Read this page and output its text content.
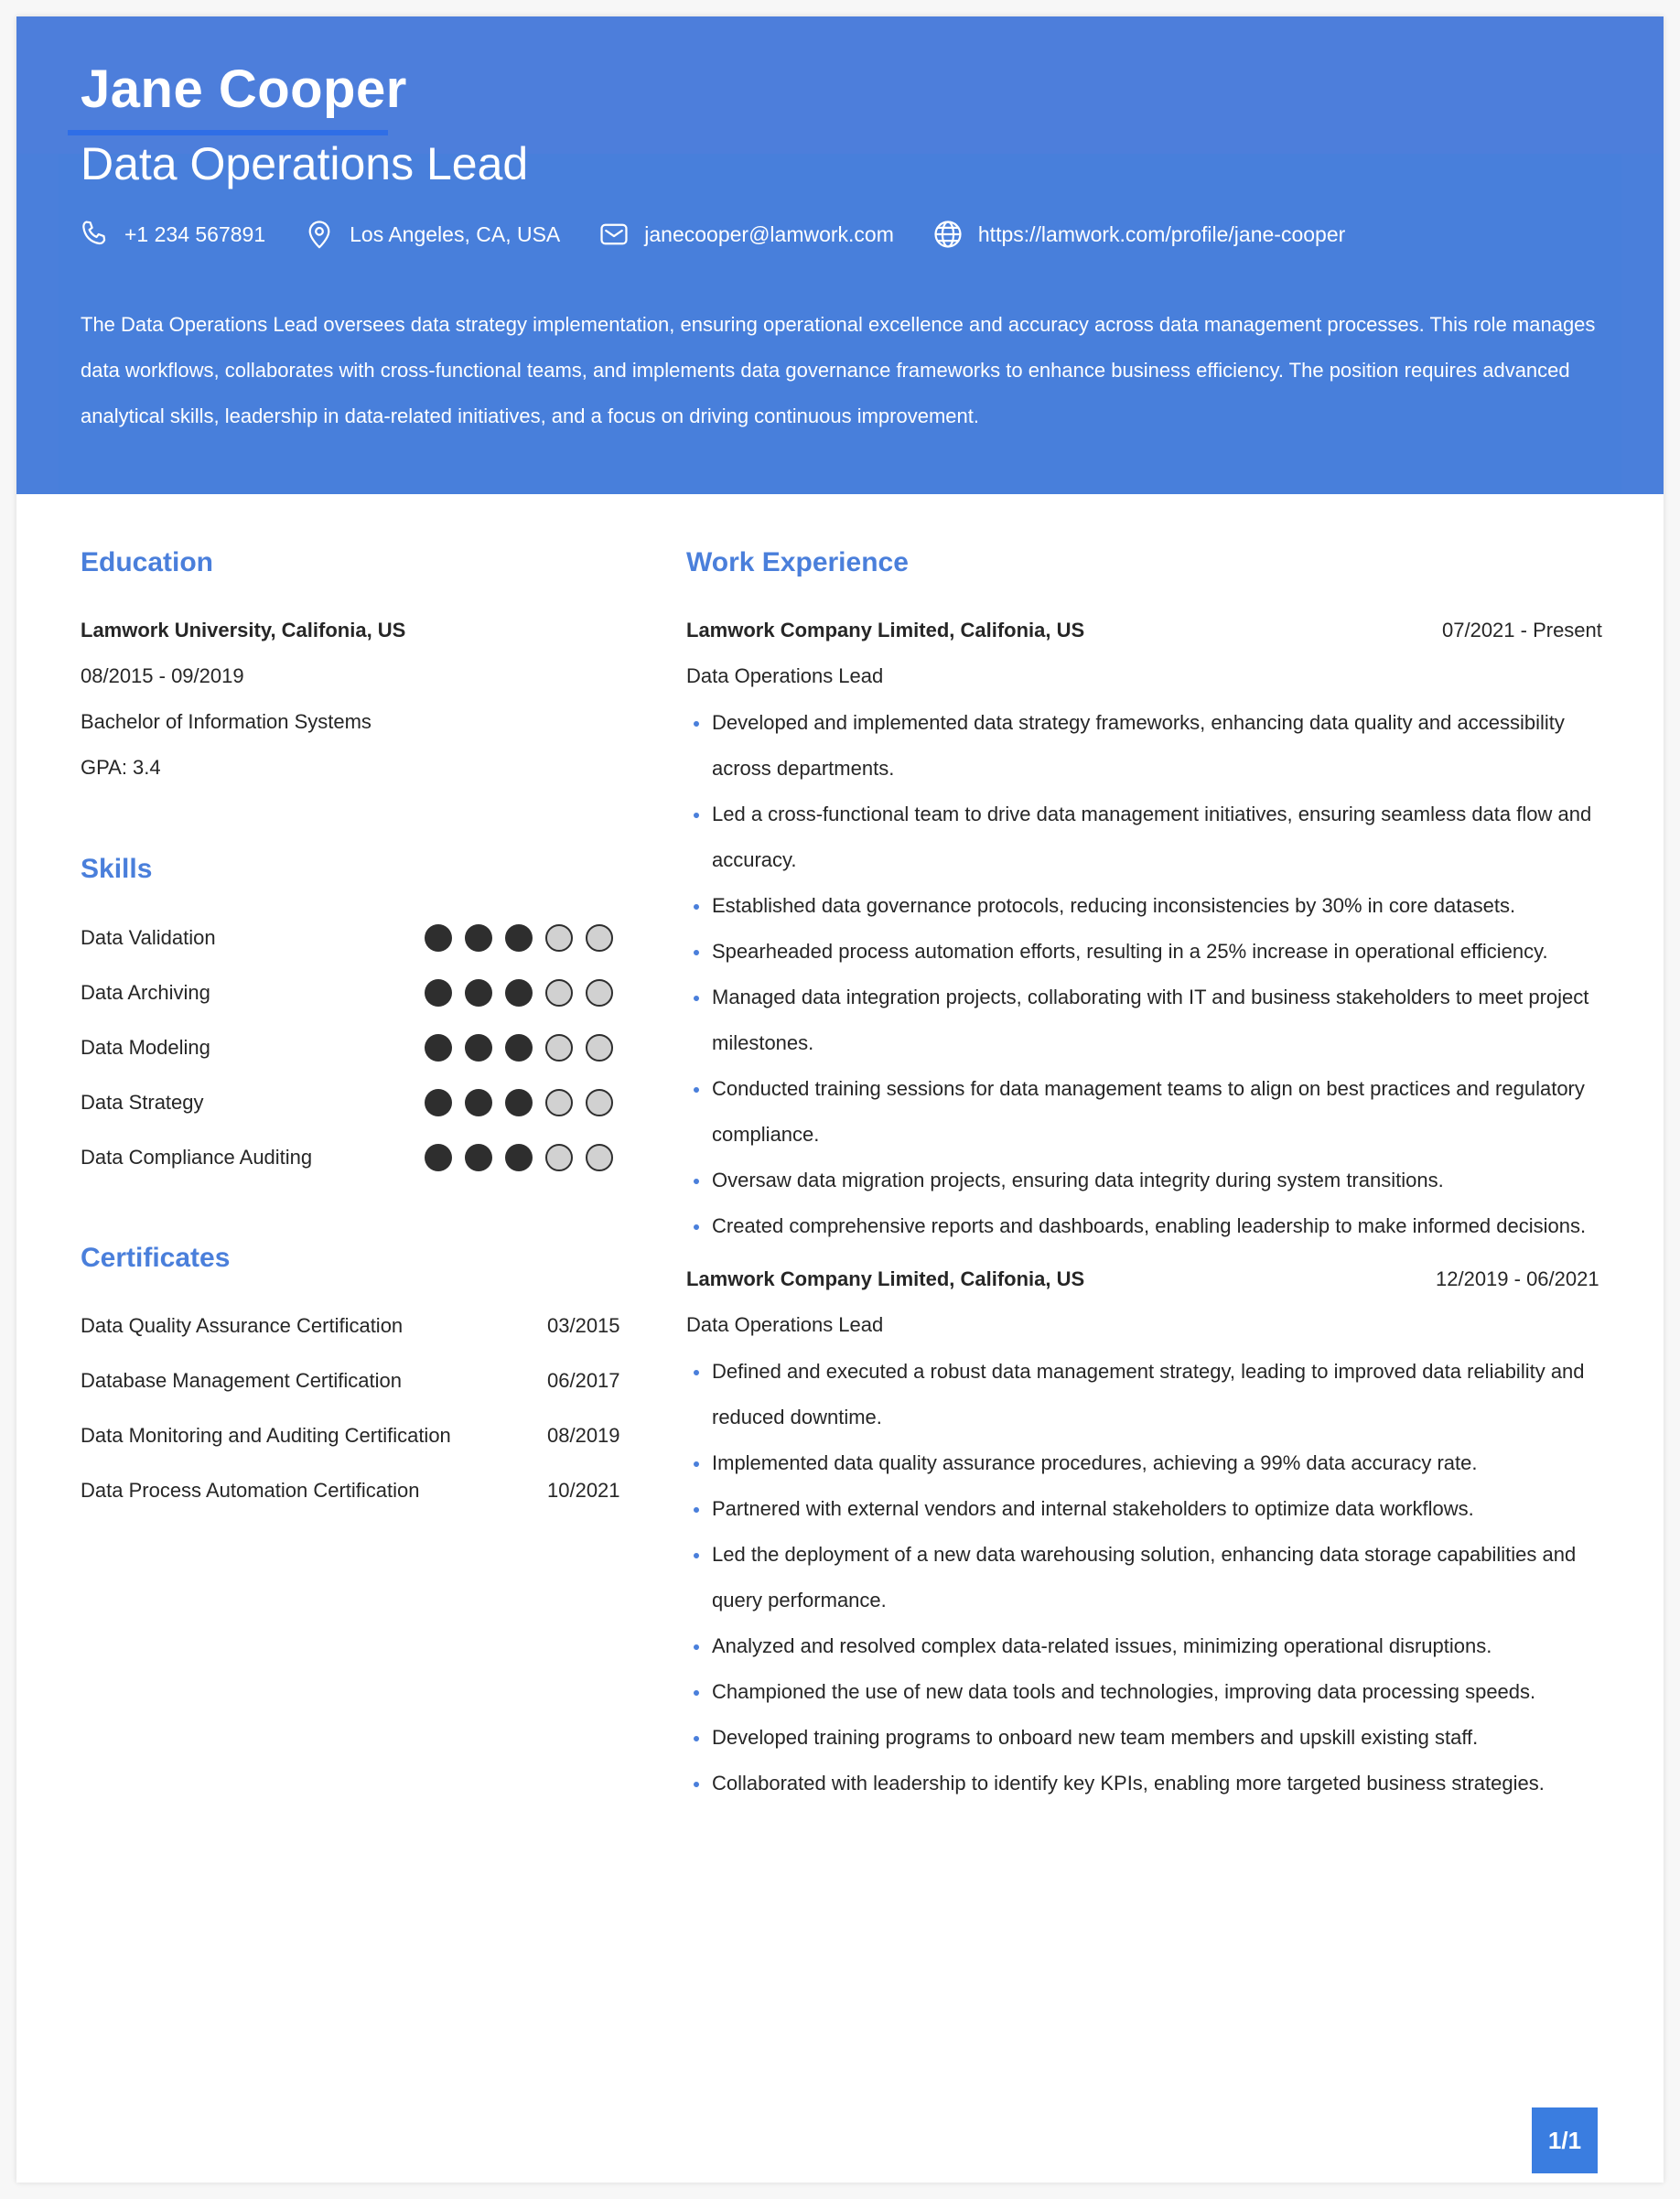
Jane Cooper
Data Operations Lead
+1 234 567891	Los Angeles, CA, USA	janecooper@lamwork.com	https://lamwork.com/profile/jane-cooper
The Data Operations Lead oversees data strategy implementation, ensuring operational excellence and accuracy across data management processes. This role manages data workflows, collaborates with cross-functional teams, and implements data governance frameworks to enhance business efficiency. The position requires advanced analytical skills, leadership in data-related initiatives, and a focus on driving continuous improvement.
Education
Lamwork University, Califonia, US
08/2015 - 09/2019
Bachelor of Information Systems
GPA: 3.4
Skills
Data Validation
Data Archiving
Data Modeling
Data Strategy
Data Compliance Auditing
Certificates
Data Quality Assurance Certification	03/2015
Database Management Certification	06/2017
Data Monitoring and Auditing Certification	08/2019
Data Process Automation Certification	10/2021
Work Experience
Lamwork Company Limited, Califonia, US	07/2021 - Present
Data Operations Lead
Developed and implemented data strategy frameworks, enhancing data quality and accessibility across departments.
Led a cross-functional team to drive data management initiatives, ensuring seamless data flow and accuracy.
Established data governance protocols, reducing inconsistencies by 30% in core datasets.
Spearheaded process automation efforts, resulting in a 25% increase in operational efficiency.
Managed data integration projects, collaborating with IT and business stakeholders to meet project milestones.
Conducted training sessions for data management teams to align on best practices and regulatory compliance.
Oversaw data migration projects, ensuring data integrity during system transitions.
Created comprehensive reports and dashboards, enabling leadership to make informed decisions.
Lamwork Company Limited, Califonia, US	12/2019 - 06/2021
Data Operations Lead
Defined and executed a robust data management strategy, leading to improved data reliability and reduced downtime.
Implemented data quality assurance procedures, achieving a 99% data accuracy rate.
Partnered with external vendors and internal stakeholders to optimize data workflows.
Led the deployment of a new data warehousing solution, enhancing data storage capabilities and query performance.
Analyzed and resolved complex data-related issues, minimizing operational disruptions.
Championed the use of new data tools and technologies, improving data processing speeds.
Developed training programs to onboard new team members and upskill existing staff.
Collaborated with leadership to identify key KPIs, enabling more targeted business strategies.
1/1
